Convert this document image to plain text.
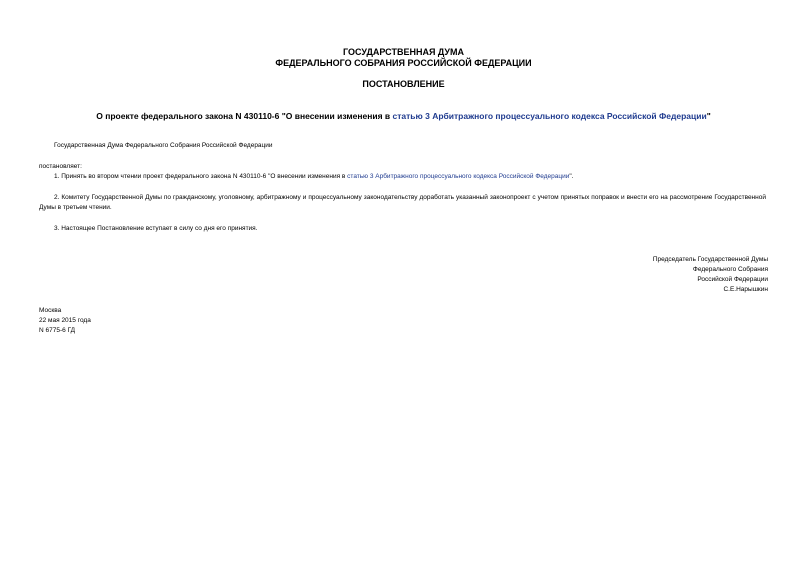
ГОСУДАРСТВЕННАЯ ДУМА
ФЕДЕРАЛЬНОГО СОБРАНИЯ РОССИЙСКОЙ ФЕДЕРАЦИИ
ПОСТАНОВЛЕНИЕ
О проекте федерального закона N 430110-6 "О внесении изменения в статью 3 Арбитражного процессуального кодекса Российской Федерации"
Государственная Дума Федерального Собрания Российской Федерации
постановляет:
1. Принять во втором чтении проект федерального закона N 430110-6 "О внесении изменения в статью 3 Арбитражного процессуального кодекса Российской Федерации".
2. Комитету Государственной Думы по гражданскому, уголовному, арбитражному и процессуальному законодательству доработать указанный законопроект с учетом принятых поправок и внести его на рассмотрение Государственной Думы в третьем чтении.
3. Настоящее Постановление вступает в силу со дня его принятия.
Председатель Государственной Думы
Федерального Собрания
Российской Федерации
С.Е.Нарышкин
Москва
22 мая 2015 года
N 6775-6 ГД
